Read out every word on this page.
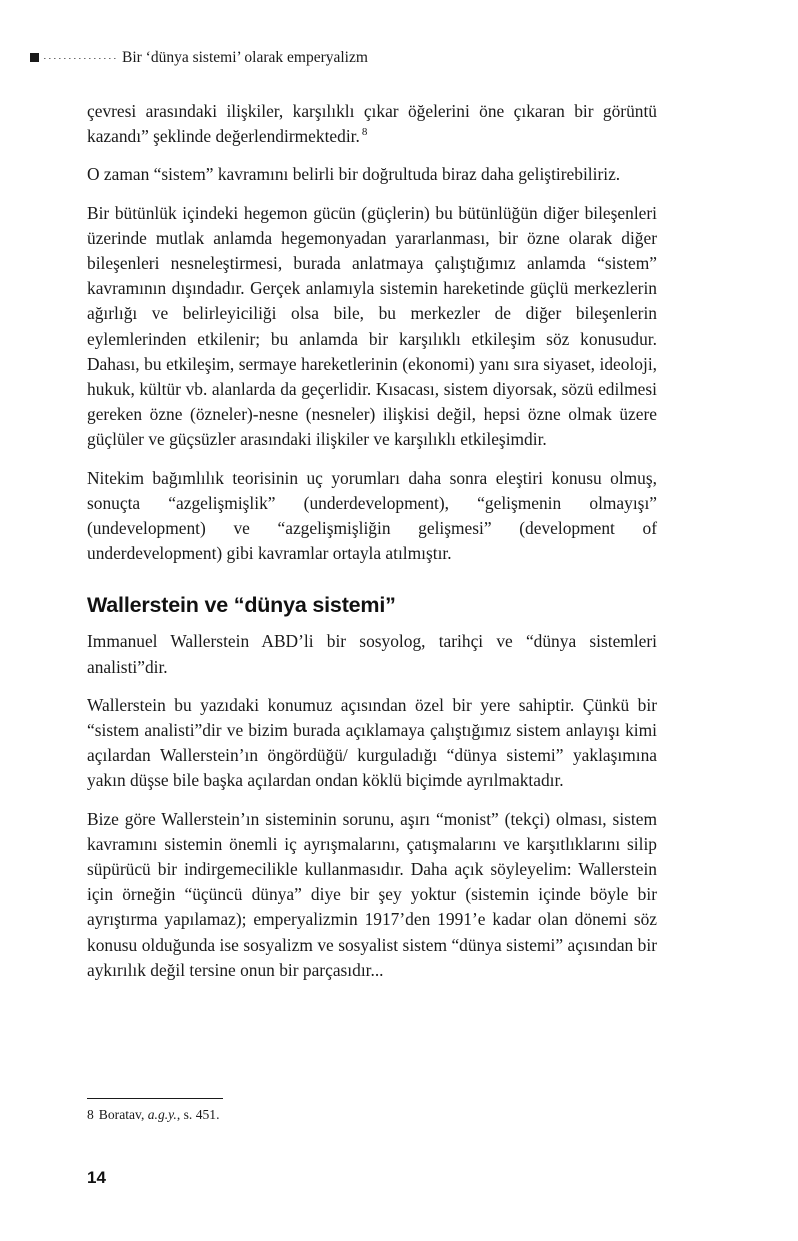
Bir ‘dünya sistemi’ olarak emperyalizm

çevresi arasındaki ilişkiler, karşılıklı çıkar öğelerini öne çıkaran bir görüntü kazandı” şeklinde değerlendirmektedir. $^8$

O zaman “sistem” kavramını belirli bir doğrultuda biraz daha geliştirebiliriz.

Bir bütünlük içindeki hegemon gücün (güçlerin) bu bütünlüğün diğer bileşenleri üzerinde mutlak anlamda hegemonyadan yararlanması, bir özne olarak diğer bileşenleri nesneleştirmesi, burada anlatmaya çalıştığımız anlamda “sistem” kavramının dışındadır. Gerçek anlamıyla sistemin hareketinde güçlü merkezlerin ağırlığı ve belirleyiciliği olsa bile, bu merkezler de diğer bileşenlerin eylemlerinden etkilenir; bu anlamda bir karşılıklı etkileşim söz konusudur. Dahası, bu etkileşim, sermaye hareketlerinin (ekonomi) yanı sıra siyaset, ideoloji, hukuk, kültür vb. alanlarda da geçerlidir. Kısacası, sistem diyorsak, sözü edilmesi gereken özne (özneler)-nesne (nesneler) ilişkisi değil, hepsi özne olmak üzere güçlüler ve güçsüzler arasındaki ilişkiler ve karşılıklı etkileşimdir.

Nitekim bağımlılık teorisinin uç yorumları daha sonra eleştiri konusu olmuş, sonuçta “azgelişmişlik” (underdevelopment), “gelişmenin olmayışı” (undevelopment) ve “azgelişmişliğin gelişmesi” (development of underdevelopment) gibi kavramlar ortayla atılmıştır.

Wallerstein ve “dünya sistemi”

Immanuel Wallerstein ABD’li bir sosyolog, tarihçi ve “dünya sistemleri analisti”dir.

Wallerstein bu yazıdaki konumuz açısından özel bir yere sahiptir. Çünkü bir “sistem analisti”dir ve bizim burada açıklamaya çalıştığımız sistem anlayışı kimi açılardan Wallerstein’ın öngördüğü/ kurguladığı “dünya sistemi” yaklaşımına yakın düşse bile başka açılardan ondan köklü biçimde ayrılmaktadır.

Bize göre Wallerstein’ın sisteminin sorunu, aşırı “monist” (tekçi) olması, sistem kavramını sistemin önemli iç ayrışmalarını, çatışmalarını ve karşıtlıklarını silip süpürücü bir indirgemecilikle kullanmasıdır. Daha açık söyleyelim: Wallerstein için örneğin “üçüncü dünya” diye bir şey yoktur (sistemin içinde böyle bir ayrıştırma yapılamaz); emperyalizmin 1917’den 1991’e kadar olan dönemi söz konusu olduğunda ise sosyalizm ve sosyalist sistem “dünya sistemi” açısından bir aykırılık değil tersine onun bir parçasıdır...

8 Boratav, a.g.y., s. 451.
14
